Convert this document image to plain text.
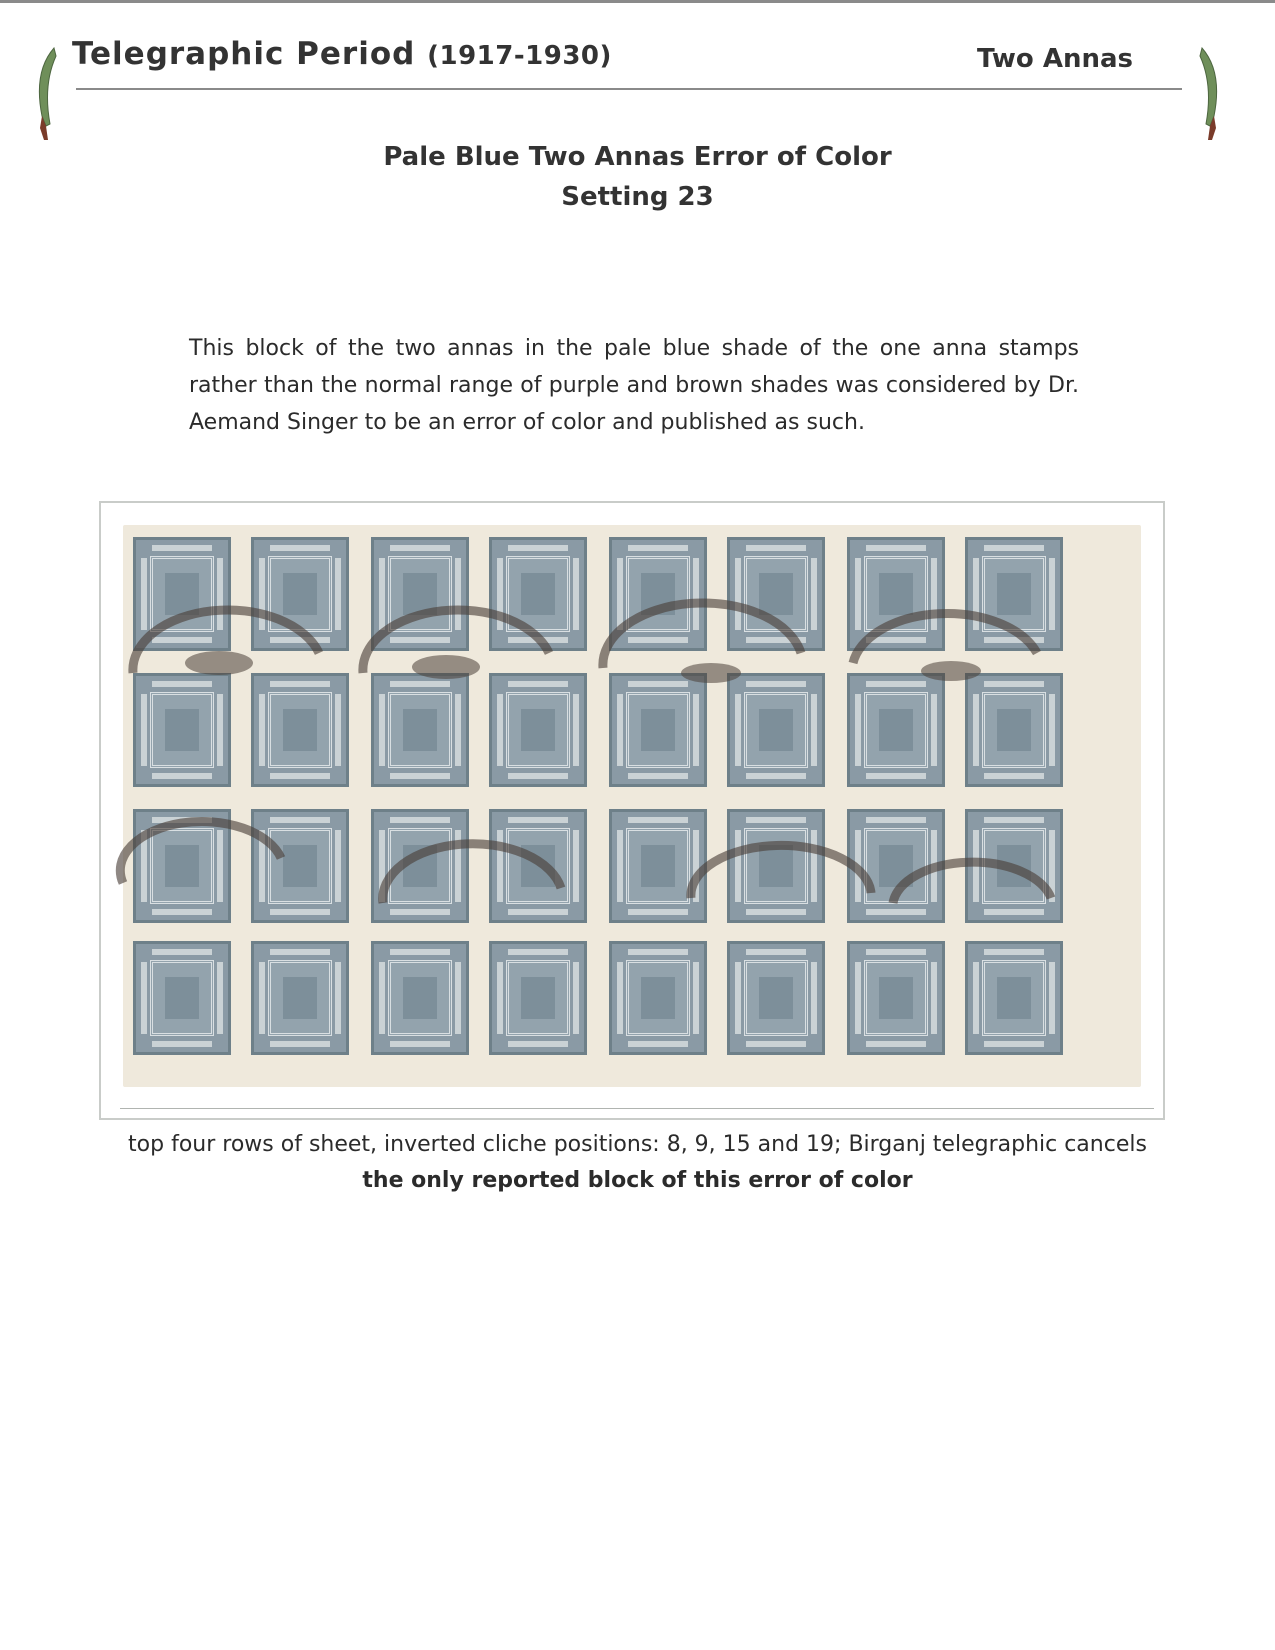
Telegraphic Period (1917-1930)	Two Annas
Pale Blue Two Annas Error of Color
Setting 23
This block of the two annas in the pale blue shade of the one anna stamps rather than the normal range of purple and brown shades was considered by Dr. Aemand Singer to be an error of color and published as such.
top four rows of sheet, inverted cliche positions: 8, 9, 15 and 19; Birganj telegraphic cancels
the only reported block of this error of color
